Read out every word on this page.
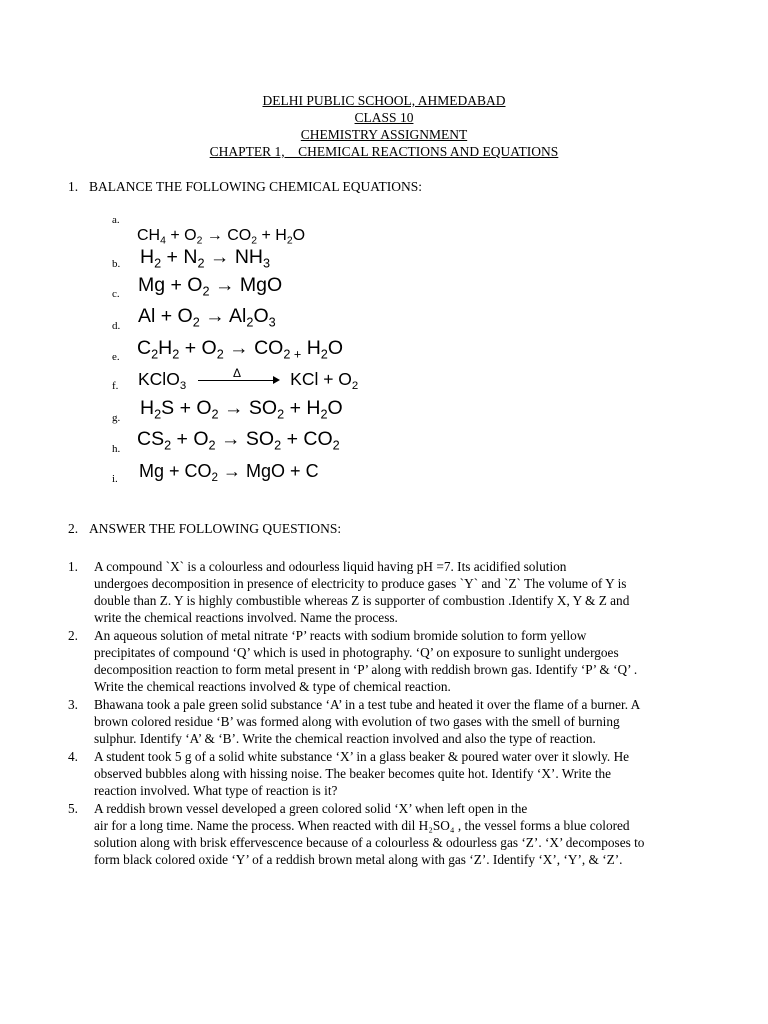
DELHI PUBLIC SCHOOL, AHMEDABAD
CLASS 10
CHEMISTRY ASSIGNMENT
CHAPTER 1,    CHEMICAL REACTIONS AND EQUATIONS
1. BALANCE THE FOLLOWING CHEMICAL EQUATIONS:
a.
$CH_4 + O_2 \to CO_2 + H_2O$
b. $H_2 + N_2 \to NH_3$
c. $Mg + O_2$ → MgO
d. $Al + O_2 \to Al_2O_3$
e. $C_2H_2 + O_2 \to CO_{2 +}$ $H_2O$
f.
Δ
KClO$_3$	KCl + $O_2$
g. $H_2S + O_2 \to SO_2 + H_2O$
h. $CS_2 + O_2 \to SO_2 + CO_2$
i. $Mg + CO_2$ → MgO + C
2. ANSWER THE FOLLOWING QUESTIONS:
1. A compound `X` is a colourless and odourless liquid having pH =7. Its acidified solution
undergoes decomposition in presence of electricity to produce gases `Y` and `Z` The volume of Y is
double than Z. Y is highly combustible whereas Z is supporter of combustion .Identify X, Y & Z and
write the chemical reactions involved. Name the process.
2. An aqueous solution of metal nitrate ‘P’ reacts with sodium bromide solution to form yellow
precipitates of compound ‘Q’ which is used in photography. ‘Q’ on exposure to sunlight undergoes
decomposition reaction to form metal present in ‘P’ along with reddish brown gas. Identify ‘P’ & ‘Q’ .
Write the chemical reactions involved & type of chemical reaction.
3. Bhawana took a pale green solid substance ‘A’ in a test tube and heated it over the flame of a burner. A
brown colored residue ‘B’ was formed along with evolution of two gases with the smell of burning
sulphur. Identify ‘A’ & ‘B’. Write the chemical reaction involved and also the type of reaction.
4. A student took 5 g of a solid white substance ‘X’ in a glass beaker & poured water over it slowly. He
observed bubbles along with hissing noise. The beaker becomes quite hot. Identify ‘X’. Write the
reaction involved. What type of reaction is it?
5. A reddish brown vessel developed a green colored solid ‘X’ when left open in the
air for a long time. Name the process. When reacted with dil H₂SO₄ , the vessel forms a blue colored
solution along with brisk effervescence because of a colourless & odourless gas ‘Z’. ‘X’ decomposes to
form black colored oxide ‘Y’ of a reddish brown metal along with gas ‘Z’. Identify ‘X’, ‘Y’, & ‘Z’.
